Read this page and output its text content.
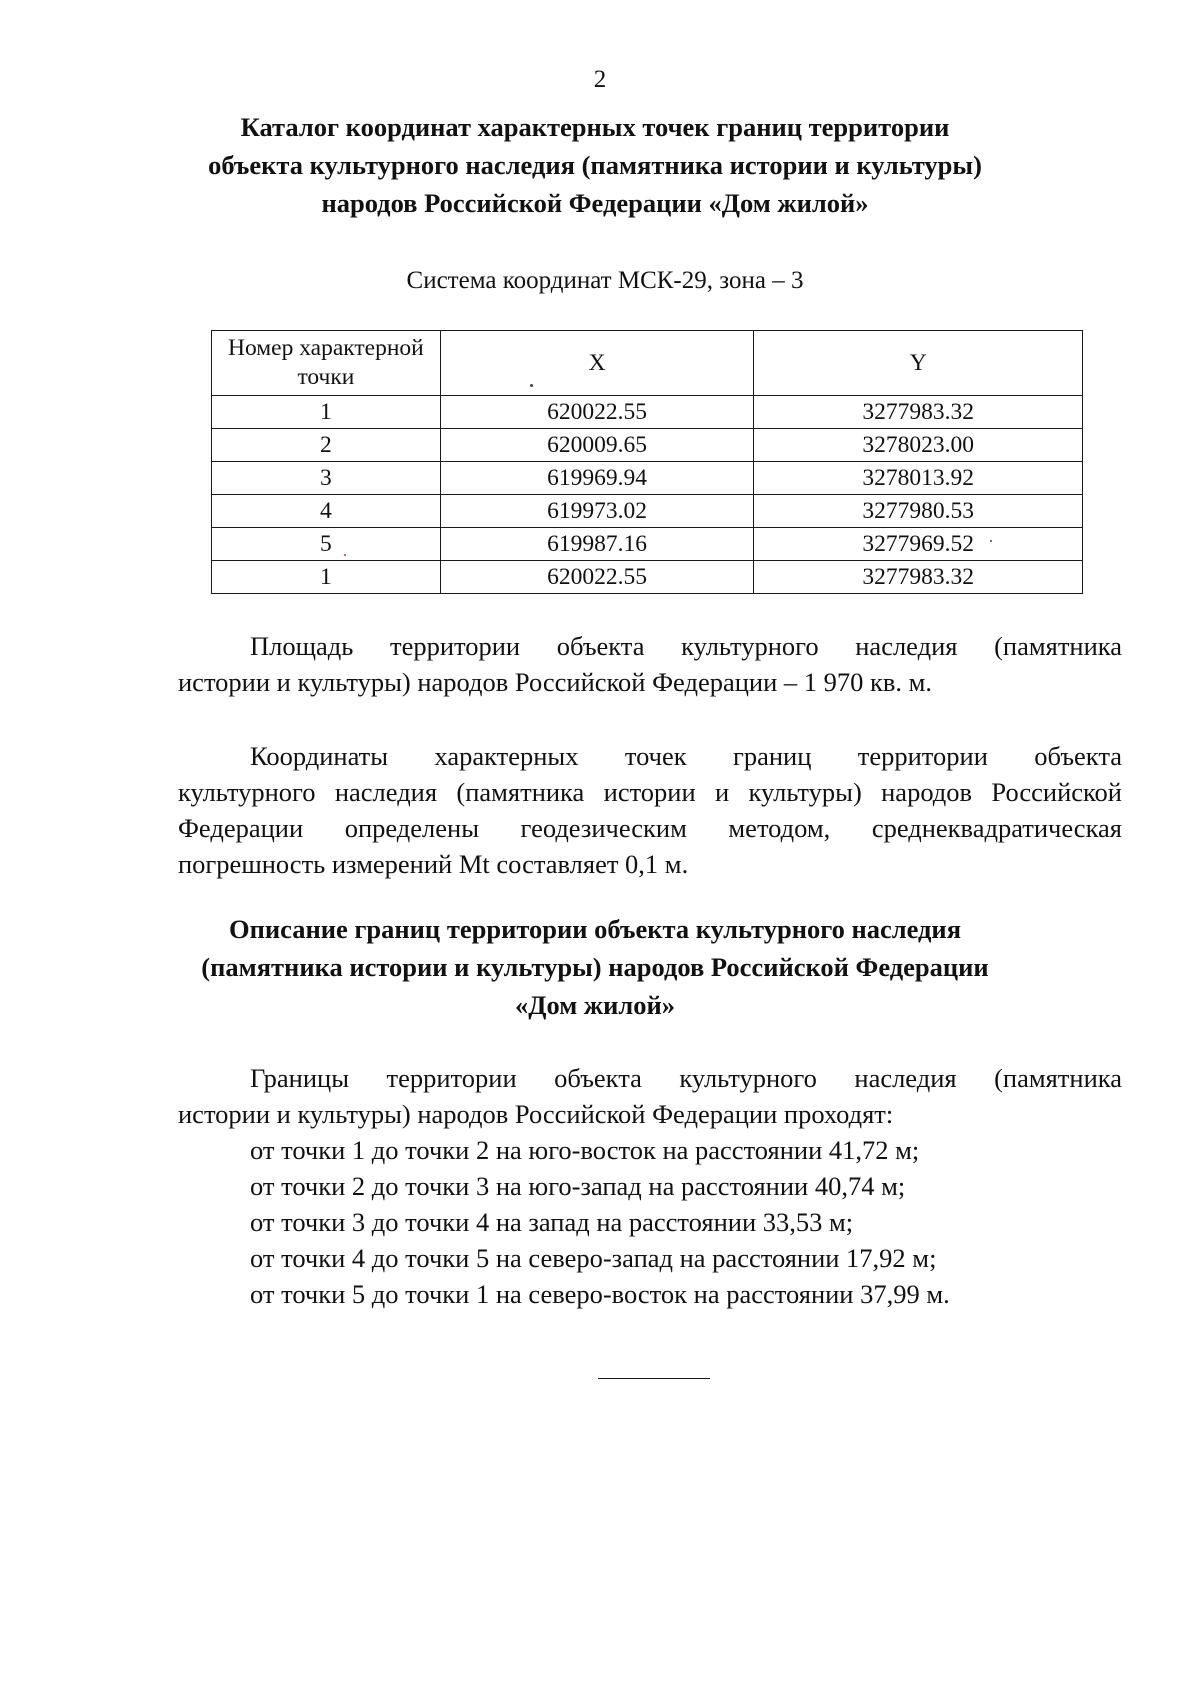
2
Каталог координат характерных точек границ территории
объекта культурного наследия (памятника истории и культуры)
народов Российской Федерации «Дом жилой»
Система координат МСК-29, зона – 3
Номер характерной
точки	X	Y
1	620022.55	3277983.32
2	620009.65	3278023.00
3	619969.94	3278013.92
4	619973.02	3277980.53
5	619987.16	3277969.52
1	620022.55	3277983.32
Площадь территории объекта культурного наследия (памятника
истории и культуры) народов Российской Федерации – 1 970 кв. м.
Координаты характерных точек границ территории объекта
культурного наследия (памятника истории и культуры) народов Российской
Федерации определены геодезическим методом, среднеквадратическая
погрешность измерений Mt составляет 0,1 м.
Описание границ территории объекта культурного наследия
(памятника истории и культуры) народов Российской Федерации
«Дом жилой»
Границы территории объекта культурного наследия (памятника
истории и культуры) народов Российской Федерации проходят:
от точки 1 до точки 2 на юго-восток на расстоянии 41,72 м;
от точки 2 до точки 3 на юго-запад на расстоянии 40,74 м;
от точки 3 до точки 4 на запад на расстоянии 33,53 м;
от точки 4 до точки 5 на северо-запад на расстоянии 17,92 м;
от точки 5 до точки 1 на северо-восток на расстоянии 37,99 м.
